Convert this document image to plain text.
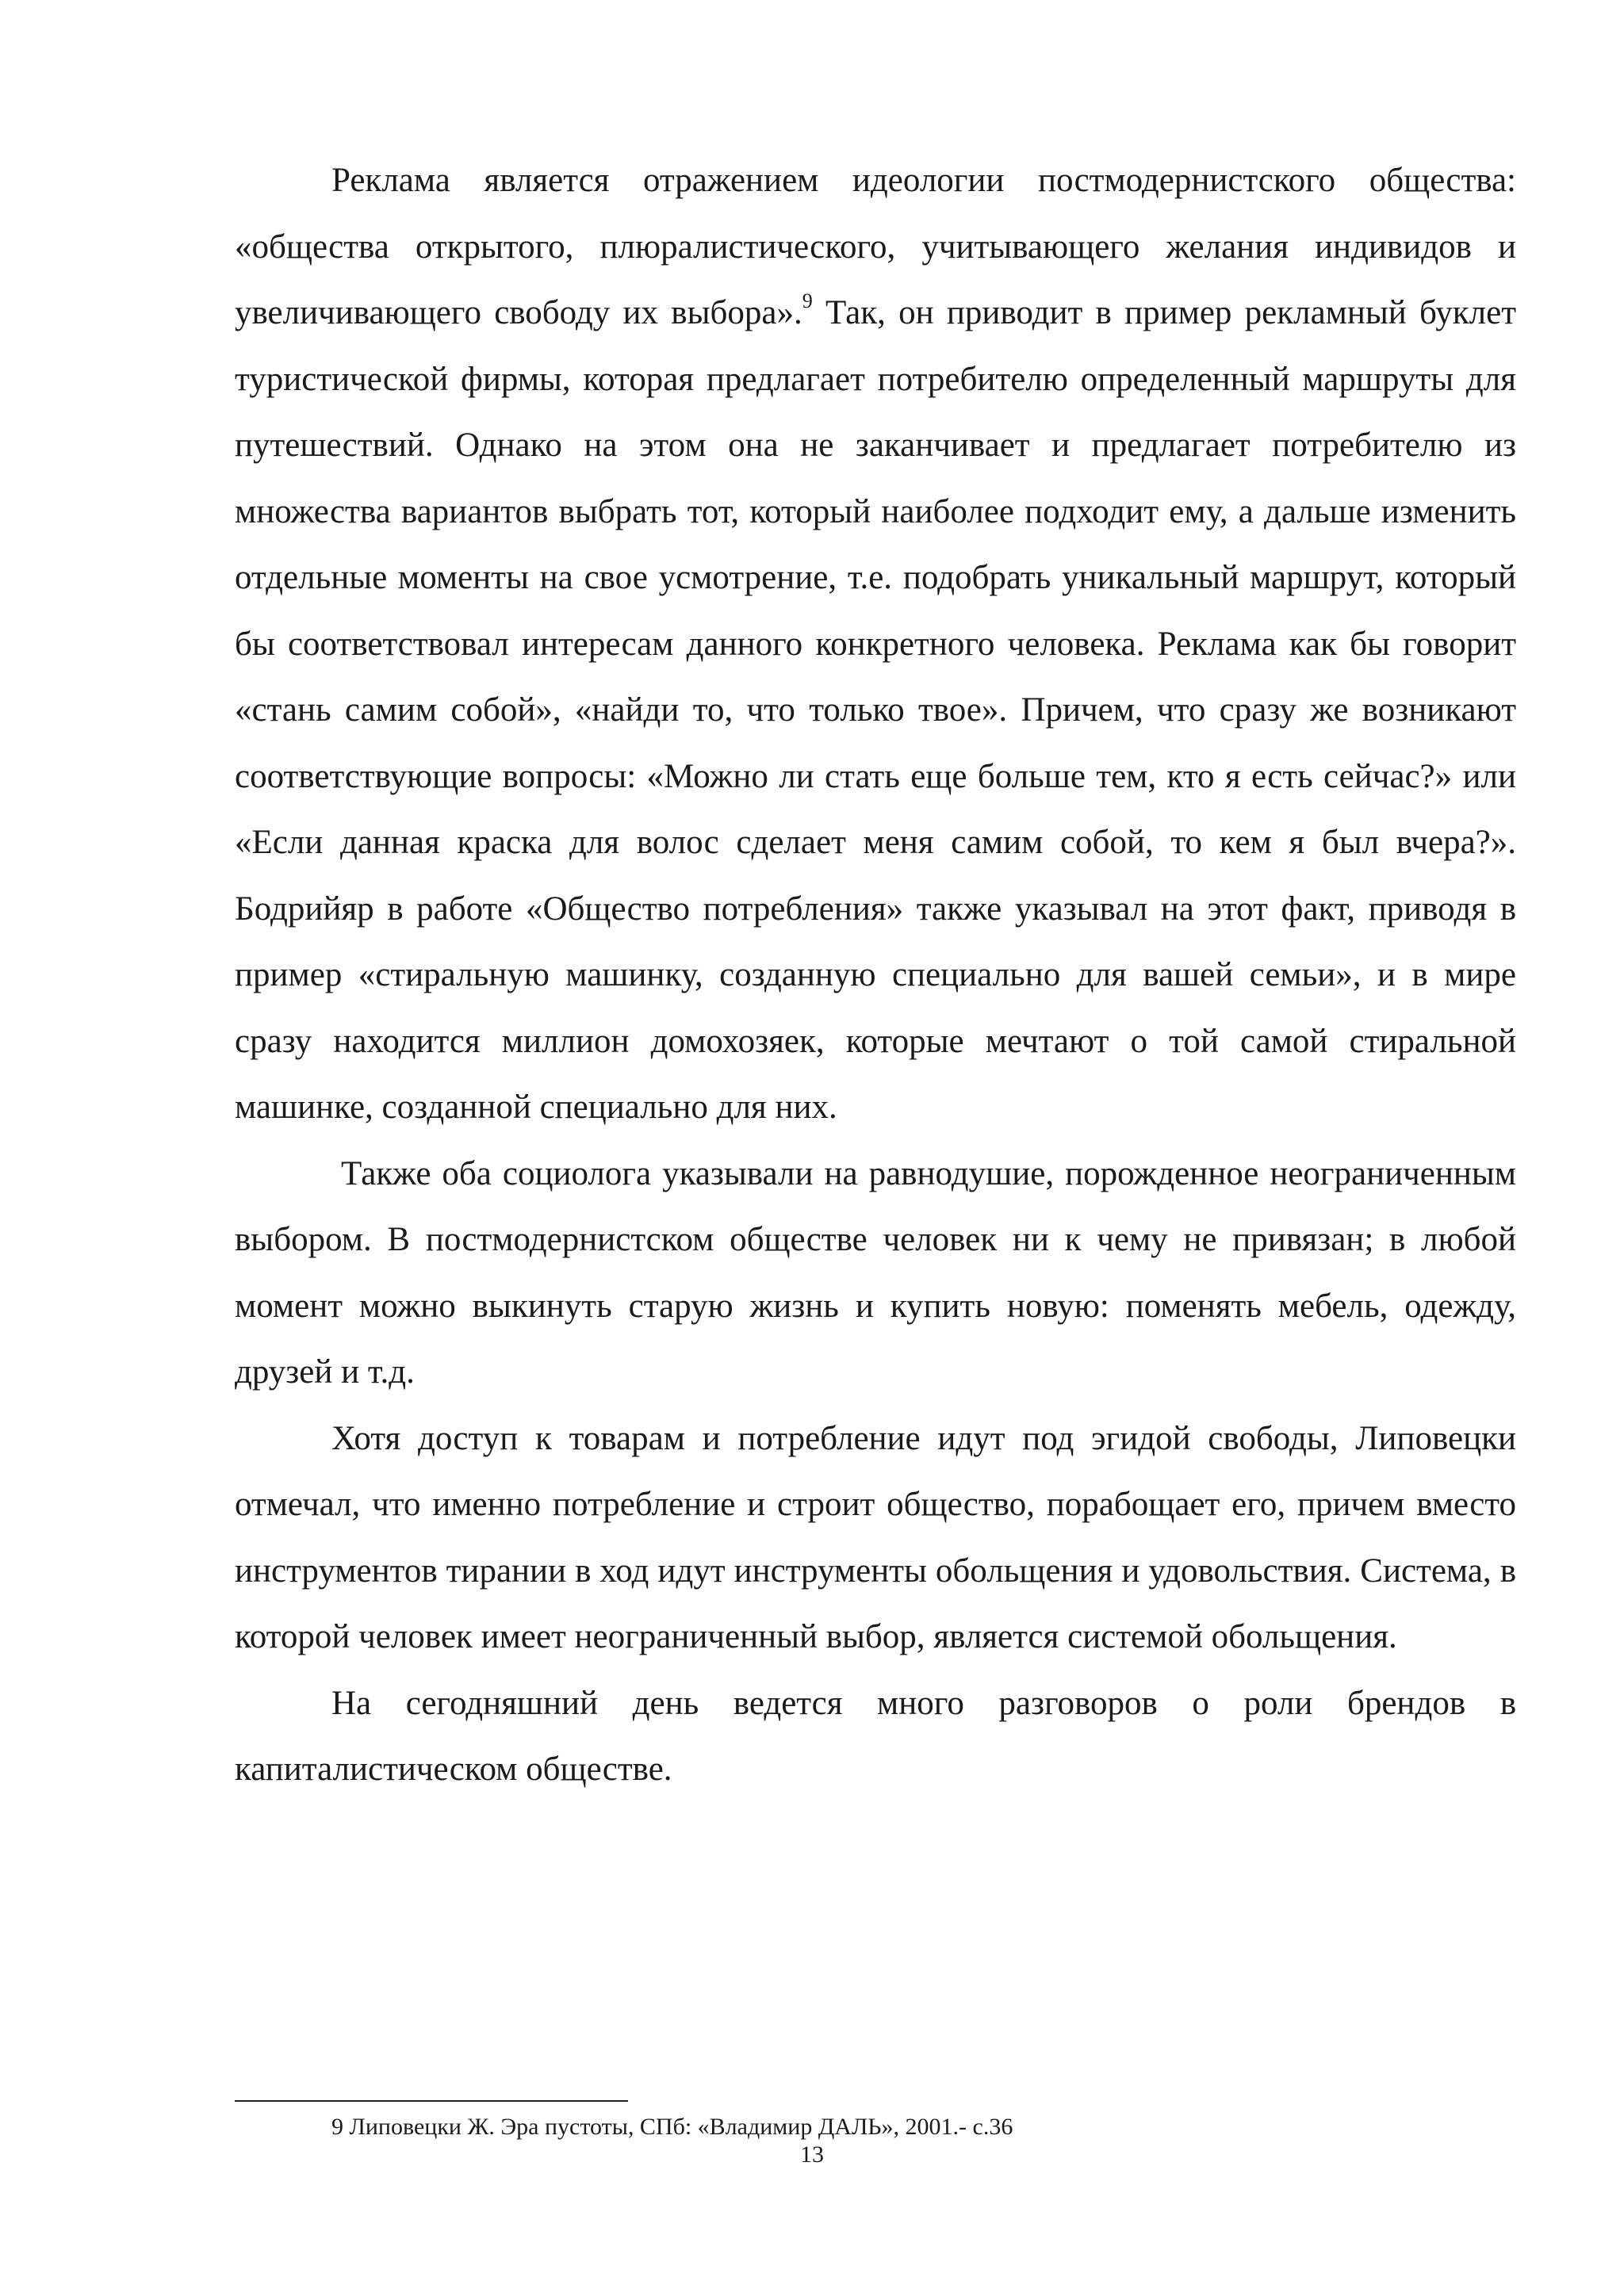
Реклама является отражением идеологии постмодернистского общества: «общества открытого, плюралистического, учитывающего желания индивидов и увеличивающего свободу их выбора».$^9$ Так, он приводит в пример рекламный буклет туристической фирмы, которая предлагает потребителю определенный маршруты для путешествий. Однако на этом она не заканчивает и предлагает потребителю из множества вариантов выбрать тот, который наиболее подходит ему, а дальше изменить отдельные моменты на свое усмотрение, т.е. подобрать уникальный маршрут, который бы соответствовал интересам данного конкретного человека. Реклама как бы говорит «стань самим собой», «найди то, что только твое». Причем, что сразу же возникают соответствующие вопросы: «Можно ли стать еще больше тем, кто я есть сейчас?» или «Если данная краска для волос сделает меня самим собой, то кем я был вчера?». Бодрийяр в работе «Общество потребления» также указывал на этот факт, приводя в пример «стиральную машинку, созданную специально для вашей семьи», и в мире сразу находится миллион домохозяек, которые мечтают о той самой стиральной машинке, созданной специально для них.

Также оба социолога указывали на равнодушие, порожденное неограниченным выбором. В постмодернистском обществе человек ни к чему не привязан; в любой момент можно выкинуть старую жизнь и купить новую: поменять мебель, одежду, друзей и т.д.

Хотя доступ к товарам и потребление идут под эгидой свободы, Липовецки отмечал, что именно потребление и строит общество, порабощает его, причем вместо инструментов тирании в ход идут инструменты обольщения и удовольствия. Система, в которой человек имеет неограниченный выбор, является системой обольщения.

На сегодняшний день ведется много разговоров о роли брендов в капиталистическом обществе.

9 Липовецки Ж. Эра пустоты, СПб: «Владимир ДАЛЬ», 2001.- с.36
13
